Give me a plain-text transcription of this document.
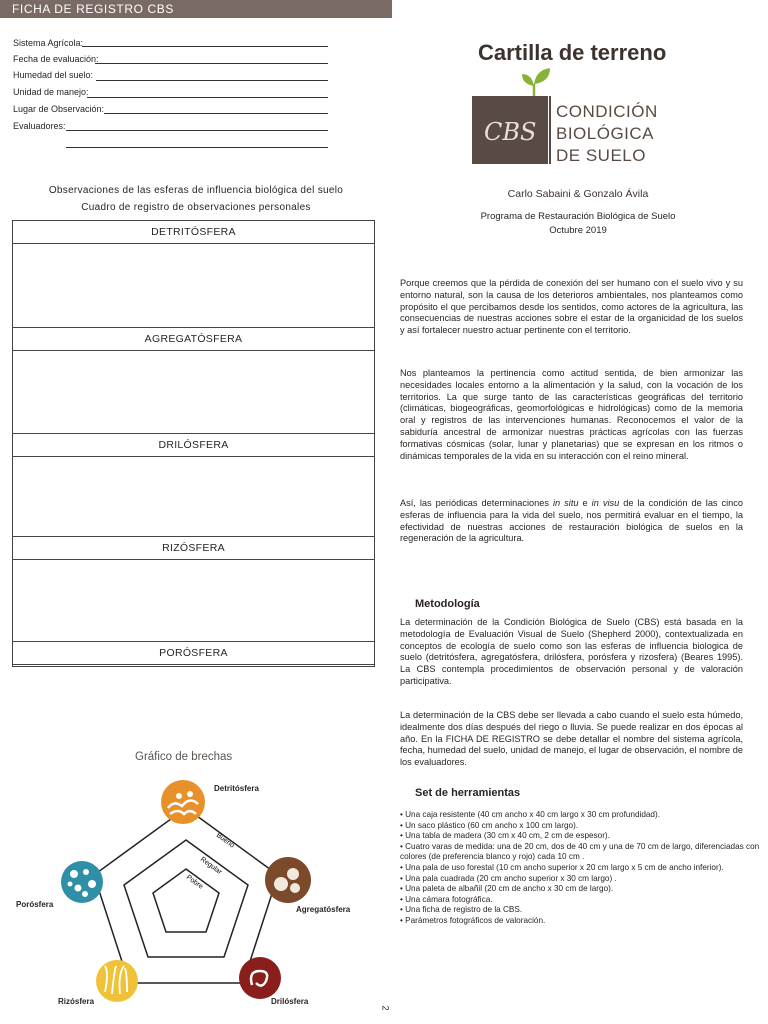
FICHA DE REGISTRO CBS
Sistema Agrícola:
Fecha de evaluación:
Humedad del suelo:
Unidad de manejo:
Lugar de Observación:
Evaluadores:
Observaciones de las esferas de influencia biológica del suelo
Cuadro de registro de observaciones personales
DETRITÓSFERA
AGREGATÓSFERA
DRILÓSFERA
RIZÓSFERA
PORÓSFERA
Gráfico de brechas
Bueno
Regular
Pobre
Detritósfera
Agregatósfera
Drilósfera
Rizósfera
Porósfera
Cartilla de terreno
CBS
CONDICIÓN
BIOLÓGICA
DE SUELO
Carlo Sabaini & Gonzalo Ávila
Programa de Restauración Biológica de Suelo
Octubre 2019
Porque creemos que la pérdida de conexión del ser humano con el suelo vivo y su entorno natural, son la causa de los deterioros ambientales, nos planteamos como propósito el que percibamos desde los sentidos, como actores de la agricultura, las consecuencias de nuestras acciones sobre el estar de la organicidad de los suelos y así fortalecer nuestro actuar pertinente con el territorio.
Nos planteamos la pertinencia como actitud sentida, de bien armonizar las necesidades locales entorno a la alimentación y la salud, con la vocación de los territorios. La que surge tanto de las características geográficas del territorio (climáticas, biogeográficas, geomorfológicas e hidrológicas) como de la memoria oral y registros de las intervenciones humanas. Reconocemos el valor de la sabiduría ancestral de armonizar nuestras prácticas agrícolas con las fuerzas formativas cósmicas (solar, lunar y planetarias) que se expresan en los ritmos o dinámicas temporales de la vida en su interacción con el reino mineral.
Así, las periódicas determinaciones in situ e in visu de la condición de las cinco esferas de influencia para la vida del suelo, nos permitirá evaluar en el tiempo, la efectividad de nuestras acciones de restauración biológica de suelos en la regeneración de la agricultura.
Metodología
La determinación de la Condición Biológica de Suelo (CBS) está basada en la metodología de Evaluación Visual de Suelo (Shepherd 2000), contextualizada en conceptos de ecología de suelo como son las esferas de influencia biologica de suelo (detritósfera, agregatósfera, drilósfera, porósfera y rizosfera) (Beares 1995). La CBS contempla procedimientos de observación personal y de valoración participativa.
La determinación de la CBS debe ser llevada a cabo cuando el suelo esta húmedo, idealmente dos días después del riego o lluvia. Se puede realizar en dos épocas al año. En la FICHA DE REGISTRO se debe detallar el nombre del sistema agrícola, fecha, humedad del suelo, unidad de manejo, el lugar de observación, el nombre de los evaluadores.
Set de herramientas
• Una caja resistente (40 cm ancho x 40 cm largo x 30 cm profundidad).
• Un saco plástico (60 cm ancho x 100 cm largo).
• Una tabla de madera (30 cm x 40 cm, 2 cm de espesor).
• Cuatro varas de medida: una de 20 cm, dos de 40 cm y una de 70 cm de largo, diferenciadas con
colores (de preferencia blanco y rojo) cada 10 cm .
• Una pala de uso forestal (10 cm ancho superior x 20 cm largo x 5 cm de ancho inferior).
• Una pala cuadrada (20 cm ancho superior x 30 cm largo) .
• Una paleta de albañil (20 cm de ancho x 30 cm de largo).
• Una cámara fotográfica.
• Una ficha de registro de la CBS.
• Parámetros fotográficos de valoración.
2
